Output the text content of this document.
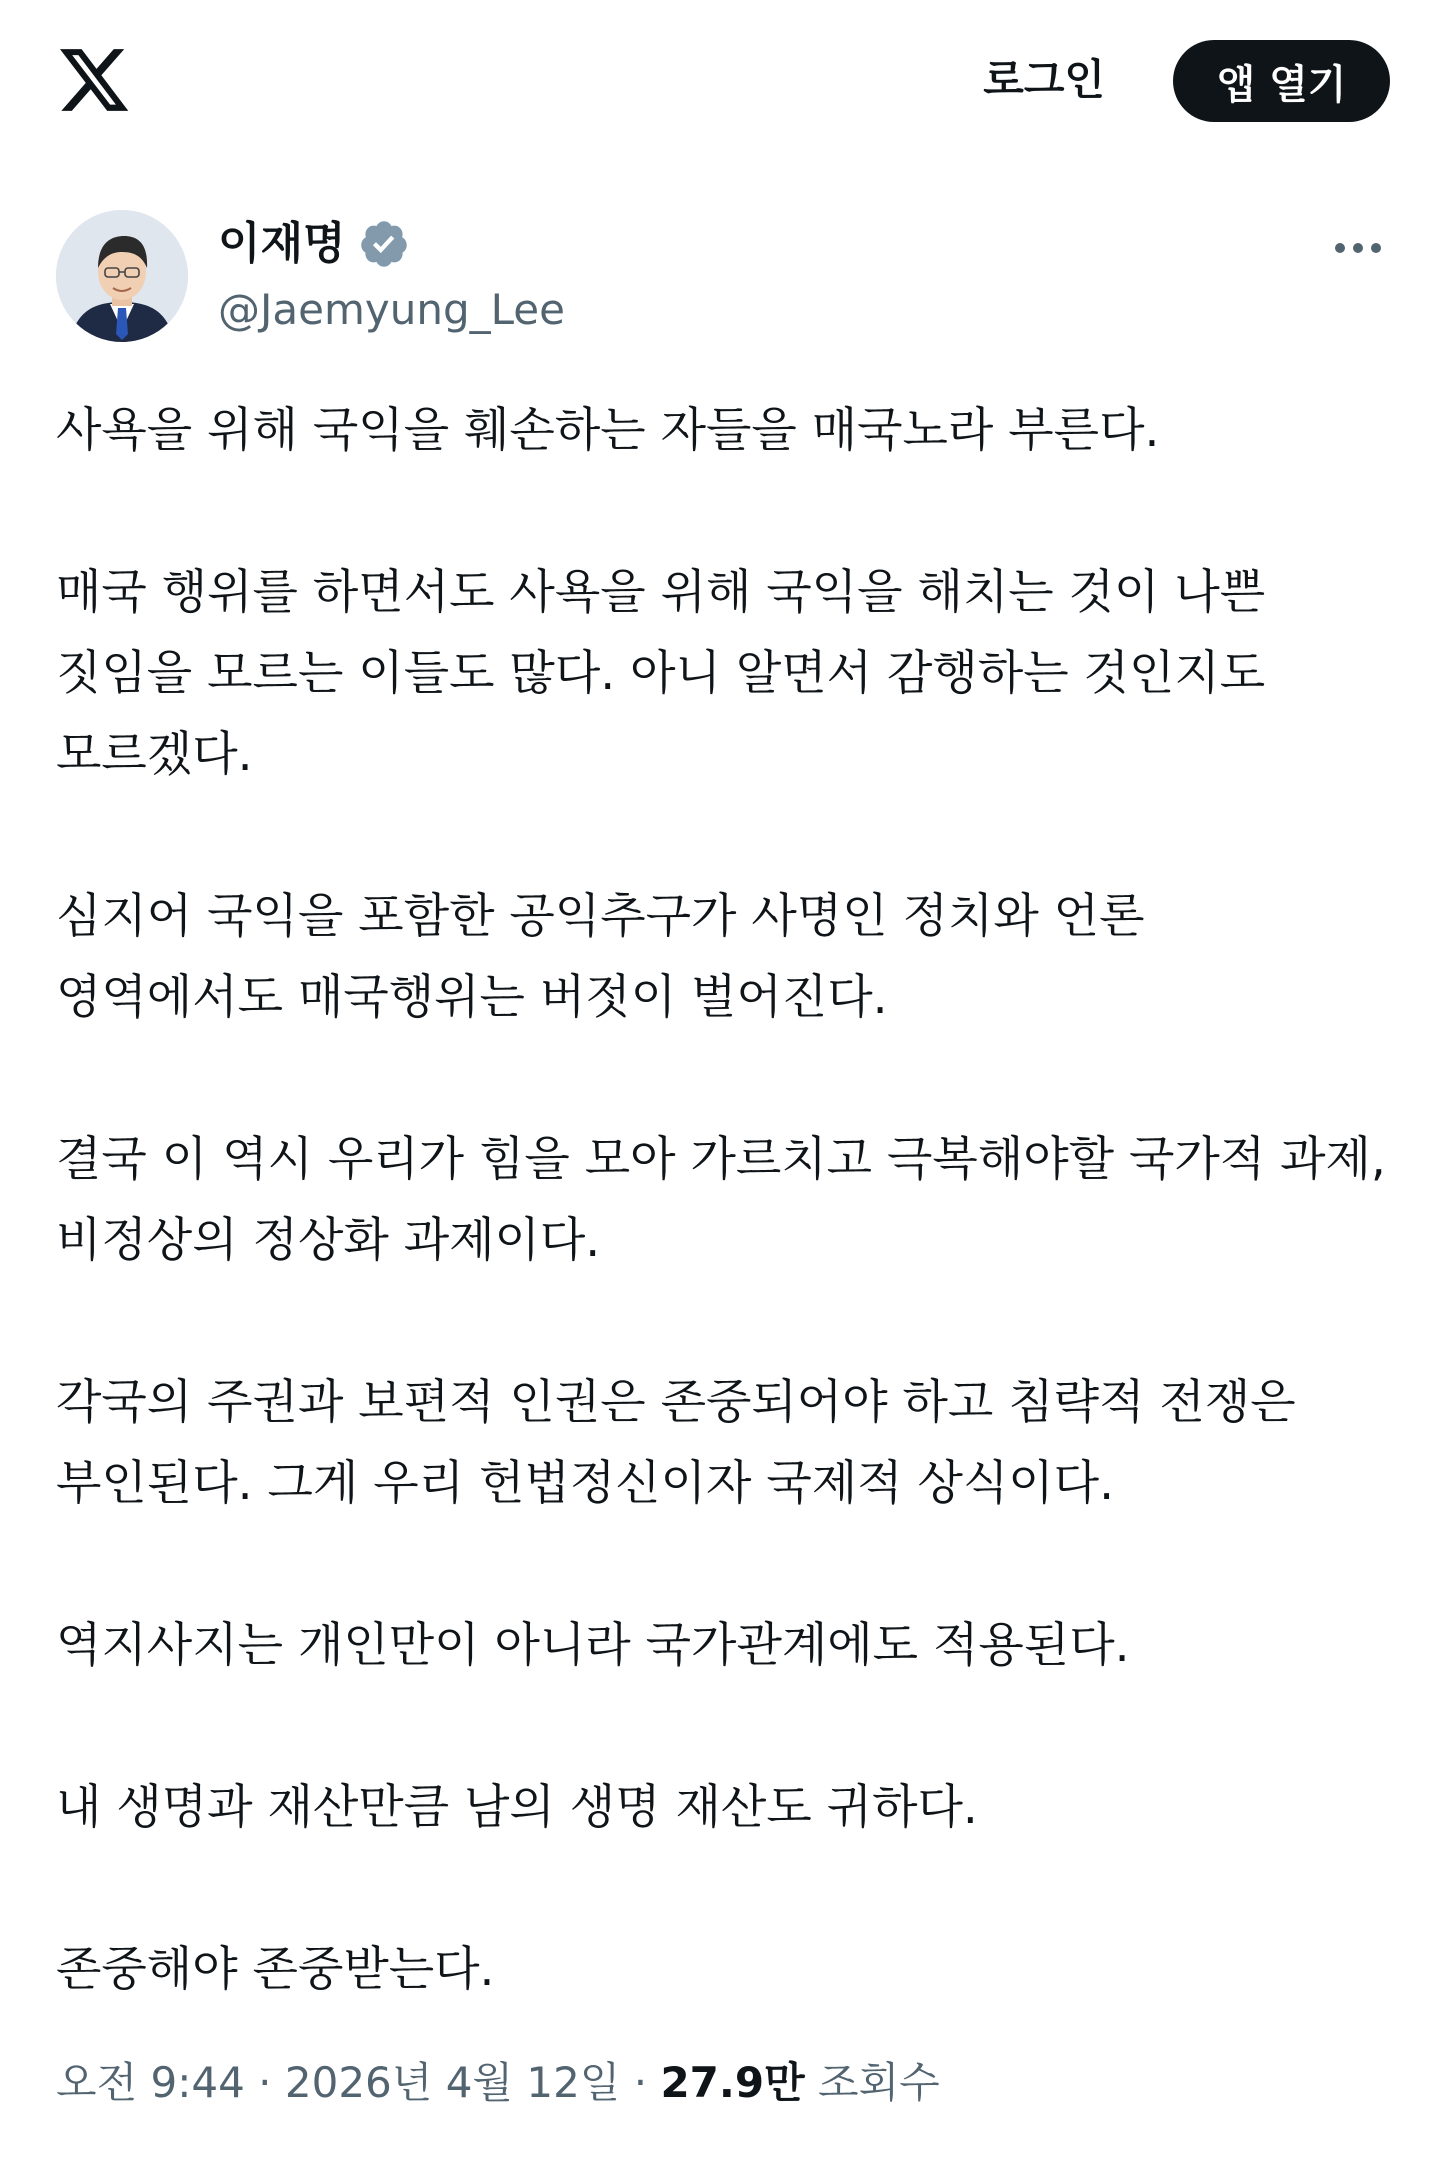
로그인	앱 열기
이재명
@Jaemyung_Lee

사욕을 위해 국익을 훼손하는 자들을 매국노라 부른다.

매국 행위를 하면서도 사욕을 위해 국익을 해치는 것이 나쁜 짓임을 모르는 이들도 많다. 아니 알면서 감행하는 것인지도 모르겠다.

심지어 국익을 포함한 공익추구가 사명인 정치와 언론 영역에서도 매국행위는 버젓이 벌어진다.

결국 이 역시 우리가 힘을 모아 가르치고 극복해야할 국가적 과제, 비정상의 정상화 과제이다.

각국의 주권과 보편적 인권은 존중되어야 하고 침략적 전쟁은 부인된다. 그게 우리 헌법정신이자 국제적 상식이다.

역지사지는 개인만이 아니라 국가관계에도 적용된다.

내 생명과 재산만큼 남의 생명 재산도 귀하다.

존중해야 존중받는다.

오전 9:44 · 2026년 4월 12일 · 27.9만 조회수
